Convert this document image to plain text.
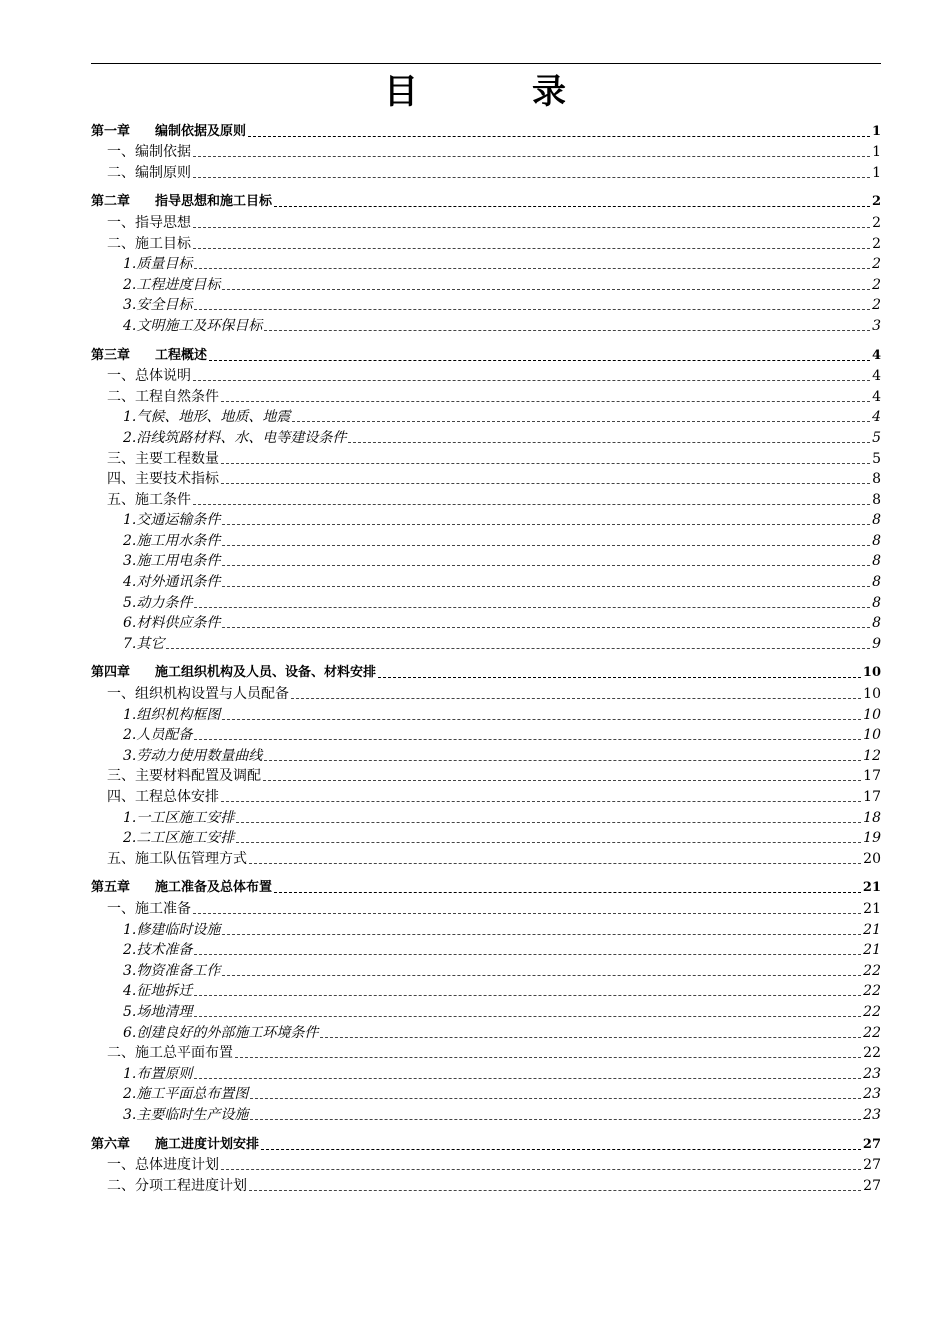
目　录
第一章 编制依据及原则	1
一、编制依据	1
二、编制原则	1
第二章 指导思想和施工目标	2
一、指导思想	2
二、施工目标	2
1.质量目标	2
2.工程进度目标	2
3.安全目标	2
4.文明施工及环保目标	3
第三章 工程概述	4
一、总体说明	4
二、工程自然条件	4
1.气候、地形、地质、地震	4
2.沿线筑路材料、水、电等建设条件	5
三、主要工程数量	5
四、主要技术指标	8
五、施工条件	8
1.交通运输条件	8
2.施工用水条件	8
3.施工用电条件	8
4.对外通讯条件	8
5.动力条件	8
6.材料供应条件	8
7.其它	9
第四章 施工组织机构及人员、设备、材料安排	10
一、组织机构设置与人员配备	10
1.组织机构框图	10
2.人员配备	10
3.劳动力使用数量曲线	12
三、主要材料配置及调配	17
四、工程总体安排	17
1.一工区施工安排	18
2.二工区施工安排	19
五、施工队伍管理方式	20
第五章 施工准备及总体布置	21
一、施工准备	21
1.修建临时设施	21
2.技术准备	21
3.物资准备工作	22
4.征地拆迁	22
5.场地清理	22
6.创建良好的外部施工环境条件	22
二、施工总平面布置	22
1.布置原则	23
2.施工平面总布置图	23
3.主要临时生产设施	23
第六章 施工进度计划安排	27
一、总体进度计划	27
二、分项工程进度计划	27
